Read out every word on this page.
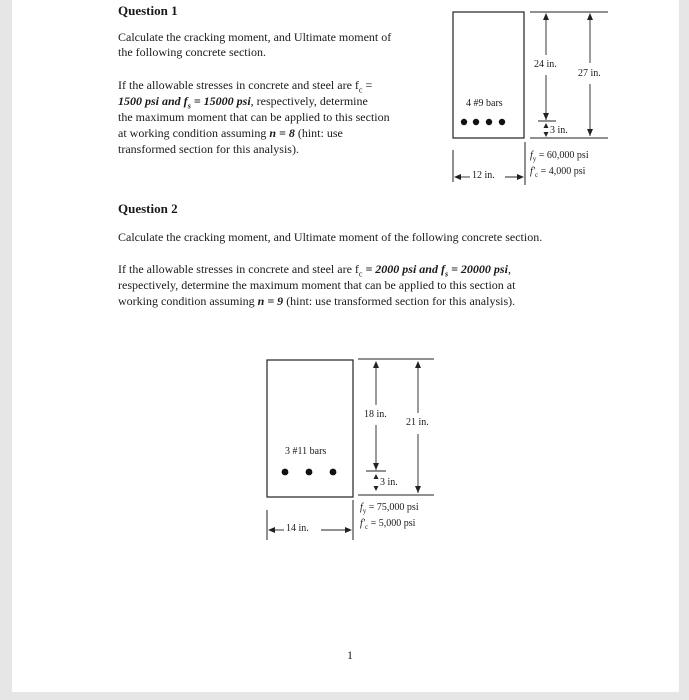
Question 1
Calculate the cracking moment, and Ultimate moment of
the following concrete section.
If the allowable stresses in concrete and steel are $f_c$ =
1500 psi and $f_s = 15000$ psi, respectively, determine
the maximum moment that can be applied to this section
at working condition assuming n = 8 (hint: use
transformed section for this analysis).
4 #9 bars
24 in.
27 in.
3 in.
12 in.
$f_y = 60,000$ psi
$f'_c = 4,000$ psi
Question 2
Calculate the cracking moment, and Ultimate moment of the following concrete section.
If the allowable stresses in concrete and steel are $f_c = 2000$ psi and $f_s = 20000$ psi,
respectively, determine the maximum moment that can be applied to this section at
working condition assuming n = 9 (hint: use transformed section for this analysis).
3 #11 bars
18 in.
21 in.
3 in.
14 in.
$f_y = 75,000$ psi
$f'_c = 5,000$ psi
1
